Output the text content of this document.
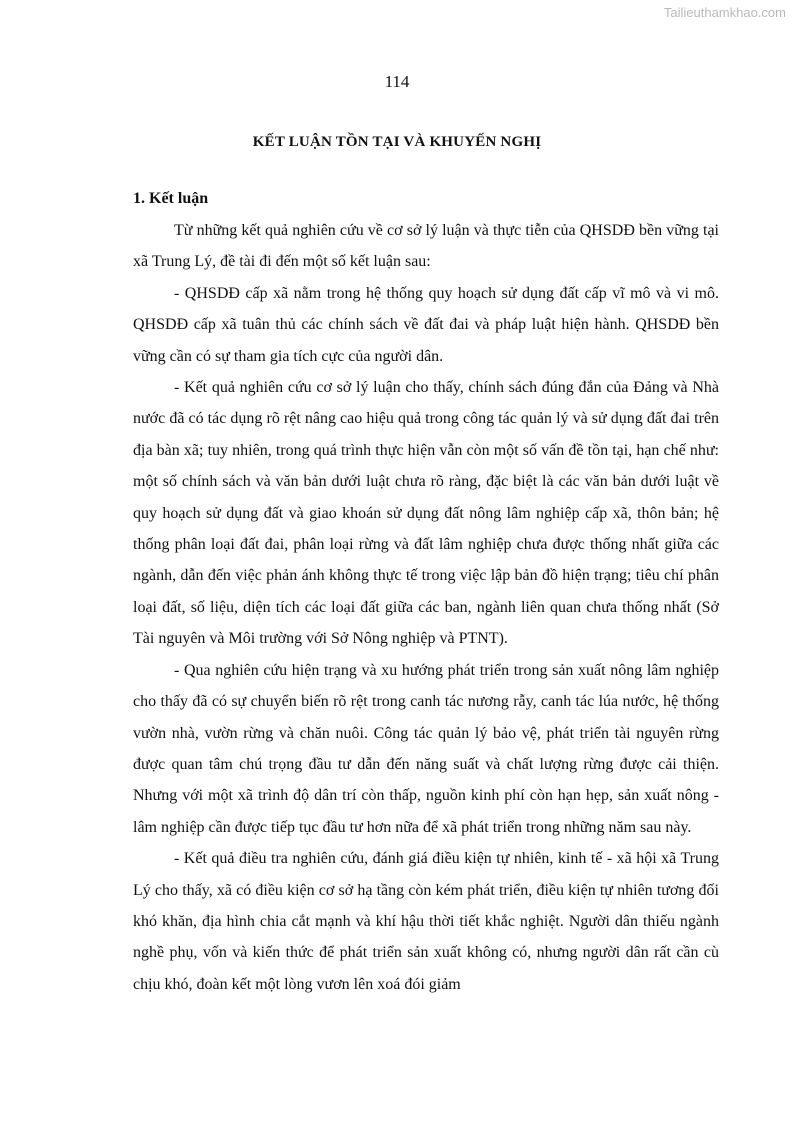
Tailieuthamkhao.com
114
KẾT LUẬN TỒN TẠI VÀ KHUYẾN NGHỊ
1. Kết luận

Từ những kết quả nghiên cứu về cơ sở lý luận và thực tiễn của QHSDĐ bền vững tại xã Trung Lý, đề tài đi đến một số kết luận sau:

- QHSDĐ cấp xã nằm trong hệ thống quy hoạch sử dụng đất cấp vĩ mô và vi mô. QHSDĐ cấp xã tuân thủ các chính sách về đất đai và pháp luật hiện hành. QHSDĐ bền vững cần có sự tham gia tích cực của người dân.

- Kết quả nghiên cứu cơ sở lý luận cho thấy, chính sách đúng đắn của Đảng và Nhà nước đã có tác dụng rõ rệt nâng cao hiệu quả trong công tác quản lý và sử dụng đất đai trên địa bàn xã; tuy nhiên, trong quá trình thực hiện vẫn còn một số vấn đề tồn tại, hạn chế như: một số chính sách và văn bản dưới luật chưa rõ ràng, đặc biệt là các văn bản dưới luật về quy hoạch sử dụng đất và giao khoán sử dụng đất nông lâm nghiệp cấp xã, thôn bản; hệ thống phân loại đất đai, phân loại rừng và đất lâm nghiệp chưa được thống nhất giữa các ngành, dẫn đến việc phản ánh không thực tế trong việc lập bản đồ hiện trạng; tiêu chí phân loại đất, số liệu, diện tích các loại đất giữa các ban, ngành liên quan chưa thống nhất (Sở Tài nguyên và Môi trường với Sở Nông nghiệp và PTNT).

- Qua nghiên cứu hiện trạng và xu hướng phát triển trong sản xuất nông lâm nghiệp cho thấy đã có sự chuyển biến rõ rệt trong canh tác nương rẫy, canh tác lúa nước, hệ thống vườn nhà, vườn rừng và chăn nuôi. Công tác quản lý bảo vệ, phát triển tài nguyên rừng được quan tâm chú trọng đầu tư dẫn đến năng suất và chất lượng rừng được cải thiện. Nhưng với một xã trình độ dân trí còn thấp, nguồn kinh phí còn hạn hẹp, sản xuất nông - lâm nghiệp cần được tiếp tục đầu tư hơn nữa để xã phát triển trong những năm sau này.

- Kết quả điều tra nghiên cứu, đánh giá điều kiện tự nhiên, kinh tế - xã hội xã Trung Lý cho thấy, xã có điều kiện cơ sở hạ tầng còn kém phát triển, điều kiện tự nhiên tương đối khó khăn, địa hình chia cắt mạnh và khí hậu thời tiết khắc nghiệt. Người dân thiếu ngành nghề phụ, vốn và kiến thức để phát triển sản xuất không có, nhưng người dân rất cần cù chịu khó, đoàn kết một lòng vươn lên xoá đói giảm
